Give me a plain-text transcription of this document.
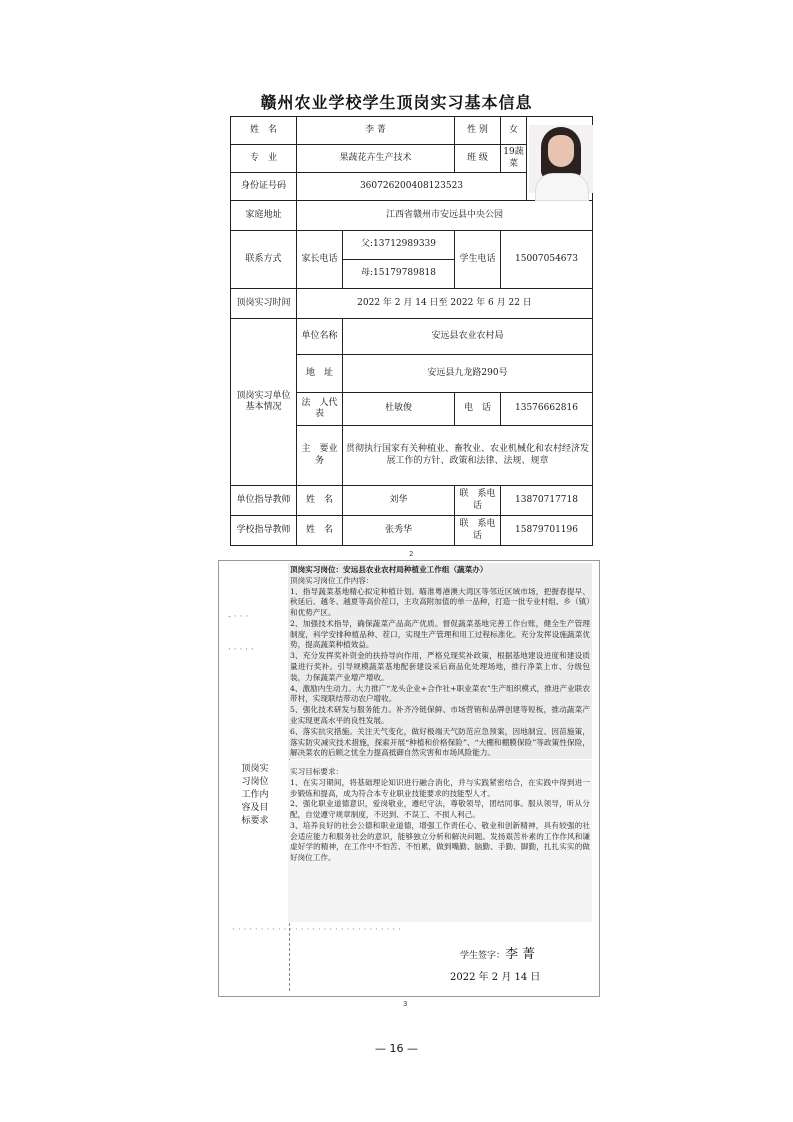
赣州农业学校学生顶岗实习基本信息
姓　名	李 菁		性 别	女	

专　业	果蔬花卉生产技术		班 级	19蔬菜	
身份证号码	360726200408123523				
家庭地址	江西省赣州市安远县中央公园				
联系方式	家长电话	父:13712989339	学生电话	15007054673	
		母:15179789818			
顶岗实习时间	2022 年 2 月 14 日至 2022 年 6 月 22 日				
顶岗实习单位基本情况	单位名称	安远县农业农村局			
	地　址	安远县九龙路290号			
	法　人代　表	杜敏俊	电　话	13576662816	
	主　要业　务	贯彻执行国家有关种植业、畜牧业、农业机械化和农村经济发展工作的方针、政策和法律、法规、规章			
单位指导教师	姓　名	刘华	联　系电　话	13870717718	
学校指导教师	姓　名	张秀华	联　系电　话	15879701196	
2
- · · ·
· · · · ·
顶岗实习岗位工作内容及目标要求

顶岗实习岗位：安远县农业农村局种植业工作组（蔬菜办）

顶岗实习岗位工作内容：

1、指导蔬菜基地精心拟定种植计划。瞄准粤港澳大湾区等邻近区域市场，把握春提早、秋延后、越冬、越夏等高价茬口，主攻高附加值的单一品种，打造一批专业村组、乡（镇）和优势产区。

2、加强技术指导，确保蔬菜产品高产优质。督促蔬菜基地完善工作台账，健全生产管理制度，科学安排种植品种、茬口，实现生产管理和用工过程标准化。充分发挥设施蔬菜优势，提高蔬菜种植效益。

3、充分发挥奖补资金的扶持导向作用，严格兑现奖补政策，根据基地建设进度和建设质量进行奖补。引导规模蔬菜基地配套建设采后商品化处理场地，推行净菜上市、分级包装，力保蔬菜产业增产增收。

4、激励内生动力。大力推广“龙头企业+合作社+职业菜农”生产组织模式，推进产业联农带村，实现联结带动农户增收。

5、强化技术研发与服务能力。补齐冷链保鲜、市场营销和品牌创建等短板，推动蔬菜产业实现更高水平的良性发展。

6、落实抗灾措施。关注天气变化，做好极端天气防范应急预案，因地制宜、因苗施策，落实防灾减灾技术措施，探索开展“种植和价格保险”、“大棚和棚膜保险”等政策性保险，解决菜农的后顾之忧全力提高抵御自然灾害和市场风险能力。

实习目标要求：

1、在实习期间，将基础理论知识进行融合消化，并与实践紧密结合，在实践中得到进一步锻炼和提高，成为符合本专业职业技能要求的技能型人才。

2、强化职业道德意识，爱岗敬业，遵纪守法，尊敬领导，团结同事。服从领导，听从分配，自觉遵守规章制度，不迟到、不误工、不损人利己。

3、培养良好的社会公德和职业道德，增强工作责任心、敬业和创新精神，具有较强的社会适应能力和服务社会的意识，能够独立分析和解决问题。发扬艰苦朴素的工作作风和谦虚好学的精神，在工作中不怕苦、不怕累，做到嘴勤、脑勤、手勤、脚勤，扎扎实实的做好岗位工作。

· · · · · · · · · · · · · · · · · · · · · · · · · · · · · ·
学生签字：李 菁
2022 年 2 月 14 日
3
— 16 —
